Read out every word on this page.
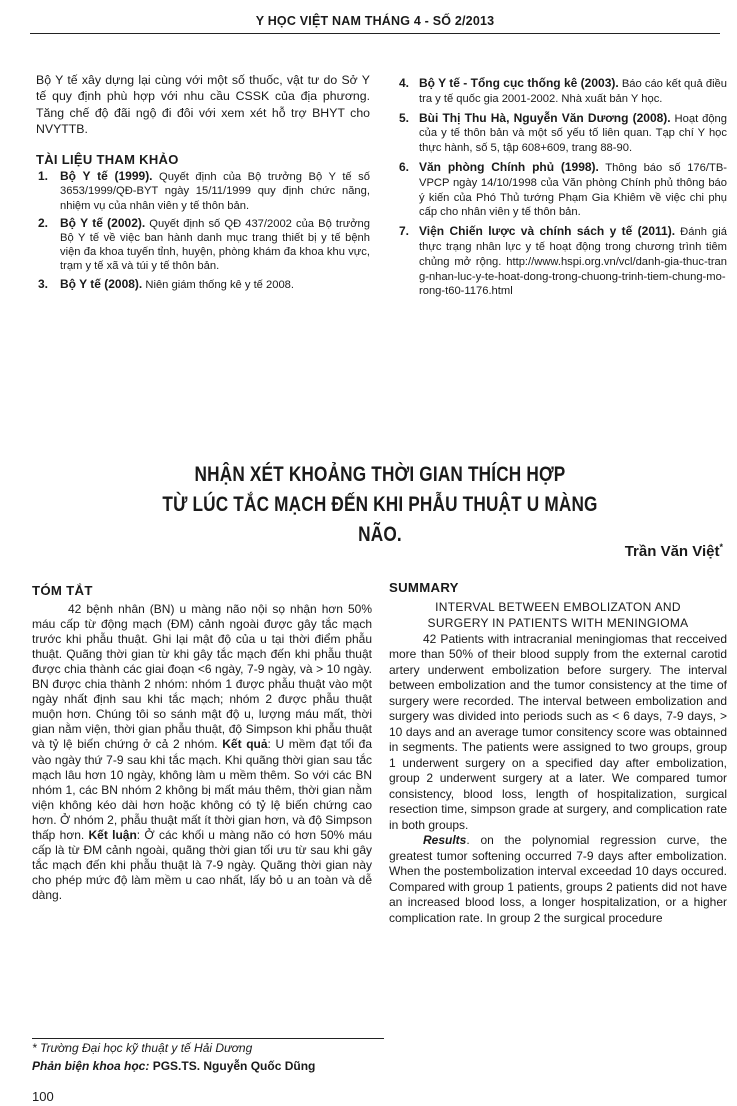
Y HỌC VIỆT NAM THÁNG 4 - SỐ 2/2013

Bộ Y tế xây dựng lại cùng với một số thuốc, vật tư do Sở Y tế quy định phù hợp với nhu cầu CSSK của địa phương. Tăng chế độ đãi ngộ đi đôi với xem xét hỗ trợ BHYT cho NVYTTB.

TÀI LIỆU THAM KHẢO
1. Bộ Y tế (1999). Quyết định của Bộ trưởng Bộ Y tế số 3653/1999/QĐ-BYT ngày 15/11/1999 quy định chức năng, nhiệm vụ của nhân viên y tế thôn bản.
2. Bộ Y tế (2002). Quyết định số QĐ 437/2002 của Bộ trưởng Bộ Y tế về việc ban hành danh mục trang thiết bị y tế bệnh viện đa khoa tuyến tỉnh, huyện, phòng khám đa khoa khu vực, trạm y tế xã và túi y tế thôn bản.
3. Bộ Y tế (2008). Niên giám thống kê y tế 2008.
4. Bộ Y tế - Tổng cục thống kê (2003). Báo cáo kết quả điều tra y tế quốc gia 2001-2002. Nhà xuất bản Y học.
5. Bùi Thị Thu Hà, Nguyễn Văn Dương (2008). Hoạt động của y tế thôn bản và một số yếu tố liên quan. Tạp chí Y học thực hành, số 5, tập 608+609, trang 88-90.
6. Văn phòng Chính phủ (1998). Thông báo số 176/TB-VPCP ngày 14/10/1998 của Văn phòng Chính phủ thông báo ý kiến của Phó Thủ tướng Phạm Gia Khiêm về việc chi phụ cấp cho nhân viên y tế thôn bản.
7. Viện Chiến lược và chính sách y tế (2011). Đánh giá thực trạng nhân lực y tế hoạt động trong chương trình tiêm chủng mở rộng. http://www.hspi.org.vn/vcl/danh-gia-thuc-trang-nhan-luc-y-te-hoat-dong-trong-chuong-trinh-tiem-chung-mo-rong-t60-1176.html
NHẬN XÉT KHOẢNG THỜI GIAN THÍCH HỢP
TỪ LÚC TẮC MẠCH ĐẾN KHI PHẪU THUẬT U MÀNG NÃO.
Trần Văn Việt*
TÓM TẮT

42 bệnh nhân (BN) u màng não nội sọ nhận hơn 50% máu cấp từ động mạch (ĐM) cảnh ngoài được gây tắc mạch trước khi phẫu thuật. Ghi lại mật độ của u tại thời điểm phẫu thuật. Quãng thời gian từ khi gây tắc mạch đến khi phẫu thuật được chia thành các giai đoạn <6 ngày, 7-9 ngày, và > 10 ngày. BN được chia thành 2 nhóm: nhóm 1 được phẫu thuật vào một ngày nhất định sau khi tắc mạch; nhóm 2 được phẫu thuật muộn hơn. Chúng tôi so sánh mật độ u, lượng máu mất, thời gian nằm viện, thời gian phẫu thuật, độ Simpson khi phẫu thuật và tỷ lệ biến chứng ở cả 2 nhóm. Kết quả: U mềm đạt tối đa vào ngày thứ 7-9 sau khi tắc mạch. Khi quãng thời gian sau tắc mạch lâu hơn 10 ngày, không làm u mềm thêm. So với các BN nhóm 1, các BN nhóm 2 không bị mất máu thêm, thời gian nằm viện không kéo dài hơn hoặc không có tỷ lệ biến chứng cao hơn. Ở nhóm 2, phẫu thuật mất ít thời gian hơn, và độ Simpson thấp hơn. Kết luận: Ở các khối u màng não có hơn 50% máu cấp là từ ĐM cảnh ngoài, quãng thời gian tối ưu từ sau khi gây tắc mạch đến khi phẫu thuật là 7-9 ngày. Quãng thời gian này cho phép mức độ làm mềm u cao nhất, lấy bỏ u an toàn và dễ dàng.

SUMMARY
INTERVAL BETWEEN EMBOLIZATON AND
SURGERY IN PATIENTS WITH MENINGIOMA

42 Patients with intracranial meningiomas that recceived more than 50% of their blood supply from the external carotid artery underwent embolization before surgery. The interval between embolization and the tumor consistency at the time of surgery were recorded. The interval between embolization and surgery was divided into periods such as < 6 days, 7-9 days, > 10 days and an average tumor consitency score was obtainned in segments. The patients were assigned to two groups, group 1 underwent surgery on a specified day after embolization, group 2 underwent surgery at a later. We compared tumor consistency, blood loss, length of hospitalization, surgical resection time, simpson grade at surgery, and complication rate in both groups.

Results. on the polynomial regression curve, the greatest tumor softening occurred 7-9 days after embolization. When the postembolization interval exceedad 10 days occured. Compared with group 1 patients, groups 2 patients did not have an increased blood loss, a longer hospitalization, or a higher complication rate. In group 2 the surgical procedure

* Trường Đại học kỹ thuật y tế Hải Dương
Phản biện khoa học: PGS.TS. Nguyễn Quốc Dũng
100
